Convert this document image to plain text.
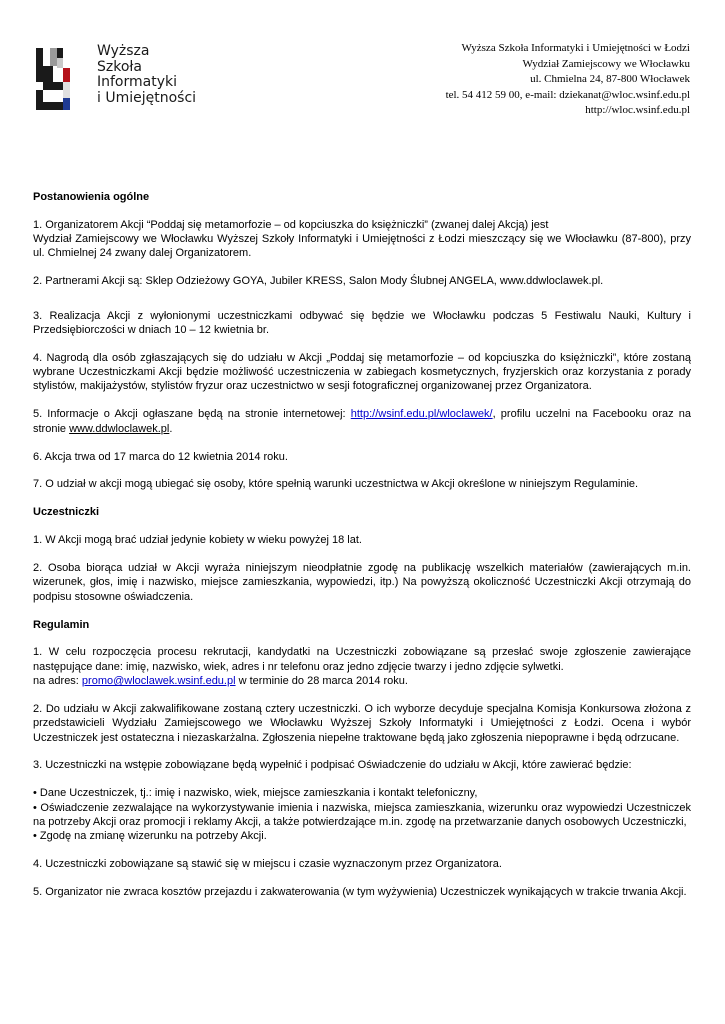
Wyższa
Szkoła
Informatyki
i Umiejętności
Wyższa Szkoła Informatyki i Umiejętności w Łodzi
Wydział Zamiejscowy we Włocławku
ul. Chmielna 24, 87-800 Włocławek
tel. 54 412 59 00, e-mail: dziekanat@wloc.wsinf.edu.pl
http://wloc.wsinf.edu.pl
Postanowienia ogólne

1. Organizatorem Akcji “Poddaj się metamorfozie – od kopciuszka do księżniczki” (zwanej dalej Akcją) jest
Wydział Zamiejscowy we Włocławku Wyższej Szkoły Informatyki i Umiejętności z Łodzi mieszczący się we Włocławku (87-800), przy ul. Chmielnej 24 zwany dalej Organizatorem.

2. Partnerami Akcji są: Sklep Odzieżowy GOYA, Jubiler KRESS, Salon Mody Ślubnej ANGELA, www.ddwloclawek.pl.

3. Realizacja Akcji z wyłonionymi uczestniczkami odbywać się będzie we Włocławku podczas 5 Festiwalu Nauki, Kultury i Przedsiębiorczości w dniach 10 – 12 kwietnia br.

4. Nagrodą dla osób zgłaszających się do udziału w Akcji „Poddaj się metamorfozie – od kopciuszka do księżniczki”, które zostaną wybrane Uczestniczkami Akcji będzie możliwość uczestniczenia w zabiegach kosmetycznych, fryzjerskich oraz korzystania z porady stylistów, makijażystów, stylistów fryzur oraz uczestnictwo w sesji fotograficznej organizowanej przez Organizatora.

5. Informacje o Akcji ogłaszane będą na stronie internetowej: http://wsinf.edu.pl/wloclawek/, profilu uczelni na Facebooku oraz na stronie www.ddwloclawek.pl.

6. Akcja trwa od 17 marca do 12 kwietnia 2014 roku.

7. O udział w akcji mogą ubiegać się osoby, które spełnią warunki uczestnictwa w Akcji określone w niniejszym Regulaminie.

Uczestniczki

1. W Akcji mogą brać udział jedynie kobiety w wieku powyżej 18 lat.

2. Osoba biorąca udział w Akcji wyraża niniejszym nieodpłatnie zgodę na publikację wszelkich materiałów (zawierających m.in. wizerunek, głos, imię i nazwisko, miejsce zamieszkania, wypowiedzi, itp.) Na powyższą okoliczność Uczestniczki Akcji otrzymają do podpisu stosowne oświadczenia.

Regulamin

1. W celu rozpoczęcia procesu rekrutacji, kandydatki na Uczestniczki zobowiązane są przesłać swoje zgłoszenie zawierające następujące dane: imię, nazwisko, wiek, adres i nr telefonu oraz jedno zdjęcie twarzy i jedno zdjęcie sylwetki.
na adres: promo@wloclawek.wsinf.edu.pl w terminie do 28 marca 2014 roku.

2. Do udziału w Akcji zakwalifikowane zostaną cztery uczestniczki. O ich wyborze decyduje specjalna Komisja Konkursowa złożona z przedstawicieli Wydziału Zamiejscowego we Włocławku Wyższej Szkoły Informatyki i Umiejętności z Łodzi. Ocena i wybór Uczestniczek jest ostateczna i niezaskarżalna. Zgłoszenia niepełne traktowane będą jako zgłoszenia niepoprawne i będą odrzucane.

3. Uczestniczki na wstępie zobowiązane będą wypełnić i podpisać Oświadczenie do udziału w Akcji, które zawierać będzie:

• Dane Uczestniczek, tj.: imię i nazwisko, wiek, miejsce zamieszkania i kontakt telefoniczny,
• Oświadczenie zezwalające na wykorzystywanie imienia i nazwiska, miejsca zamieszkania, wizerunku oraz wypowiedzi Uczestniczek na potrzeby Akcji oraz promocji i reklamy Akcji, a także potwierdzające m.in. zgodę na przetwarzanie danych osobowych Uczestniczki,
• Zgodę na zmianę wizerunku na potrzeby Akcji.

4. Uczestniczki zobowiązane są stawić się w miejscu i czasie wyznaczonym przez Organizatora.

5. Organizator nie zwraca kosztów przejazdu i zakwaterowania (w tym wyżywienia) Uczestniczek wynikających w trakcie trwania Akcji.
